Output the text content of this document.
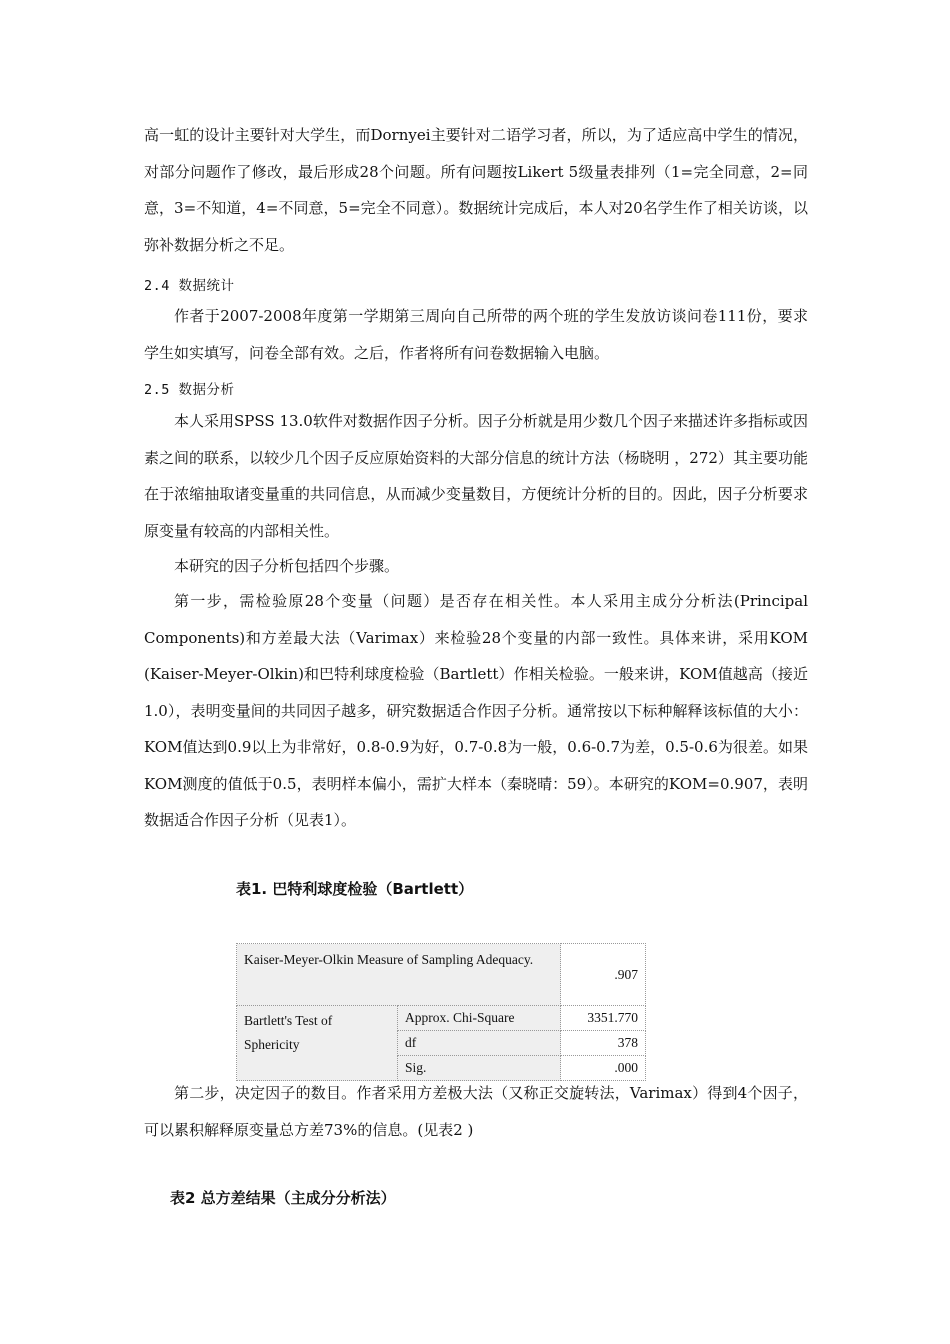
高一虹的设计主要针对大学生，而Dornyei主要针对二语学习者，所以，为了适应高中学生的情况，对部分问题作了修改，最后形成28个问题。所有问题按Likert 5级量表排列（1=完全同意，2=同意，3=不知道，4=不同意，5=完全不同意）。数据统计完成后，本人对20名学生作了相关访谈，以弥补数据分析之不足。
2.4 数据统计
作者于2007-2008年度第一学期第三周向自己所带的两个班的学生发放访谈问卷111份，要求学生如实填写，问卷全部有效。之后，作者将所有问卷数据输入电脑。
2.5 数据分析
本人采用SPSS 13.0软件对数据作因子分析。因子分析就是用少数几个因子来描述许多指标或因素之间的联系，以较少几个因子反应原始资料的大部分信息的统计方法（杨晓明 ，272）其主要功能在于浓缩抽取诸变量重的共同信息，从而减少变量数目，方便统计分析的目的。因此，因子分析要求原变量有较高的内部相关性。
本研究的因子分析包括四个步骤。
第一步，需检验原28个变量（问题）是否存在相关性。本人采用主成分分析法(Principal Components)和方差最大法（Varimax）来检验28个变量的内部一致性。具体来讲，采用KOM (Kaiser-Meyer-Olkin)和巴特利球度检验（Bartlett）作相关检验。一般来讲，KOM值越高（接近1.0），表明变量间的共同因子越多，研究数据适合作因子分析。通常按以下标种解释该标值的大小：KOM值达到0.9以上为非常好，0.8-0.9为好，0.7-0.8为一般，0.6-0.7为差，0.5-0.6为很差。如果KOM测度的值低于0.5，表明样本偏小，需扩大样本（秦晓晴：59）。本研究的KOM=0.907，表明数据适合作因子分析（见表1）。
表1. 巴特利球度检验（Bartlett）
Kaiser-Meyer-Olkin Measure of Sampling Adequacy.		.907
Bartlett's Test of Sphericity	Approx. Chi-Square	3351.770
	df	378
	Sig.	.000
第二步，决定因子的数目。作者采用方差极大法（又称正交旋转法，Varimax）得到4个因子，可以累积解释原变量总方差73%的信息。(见表2 )
表2 总方差结果（主成分分析法）
